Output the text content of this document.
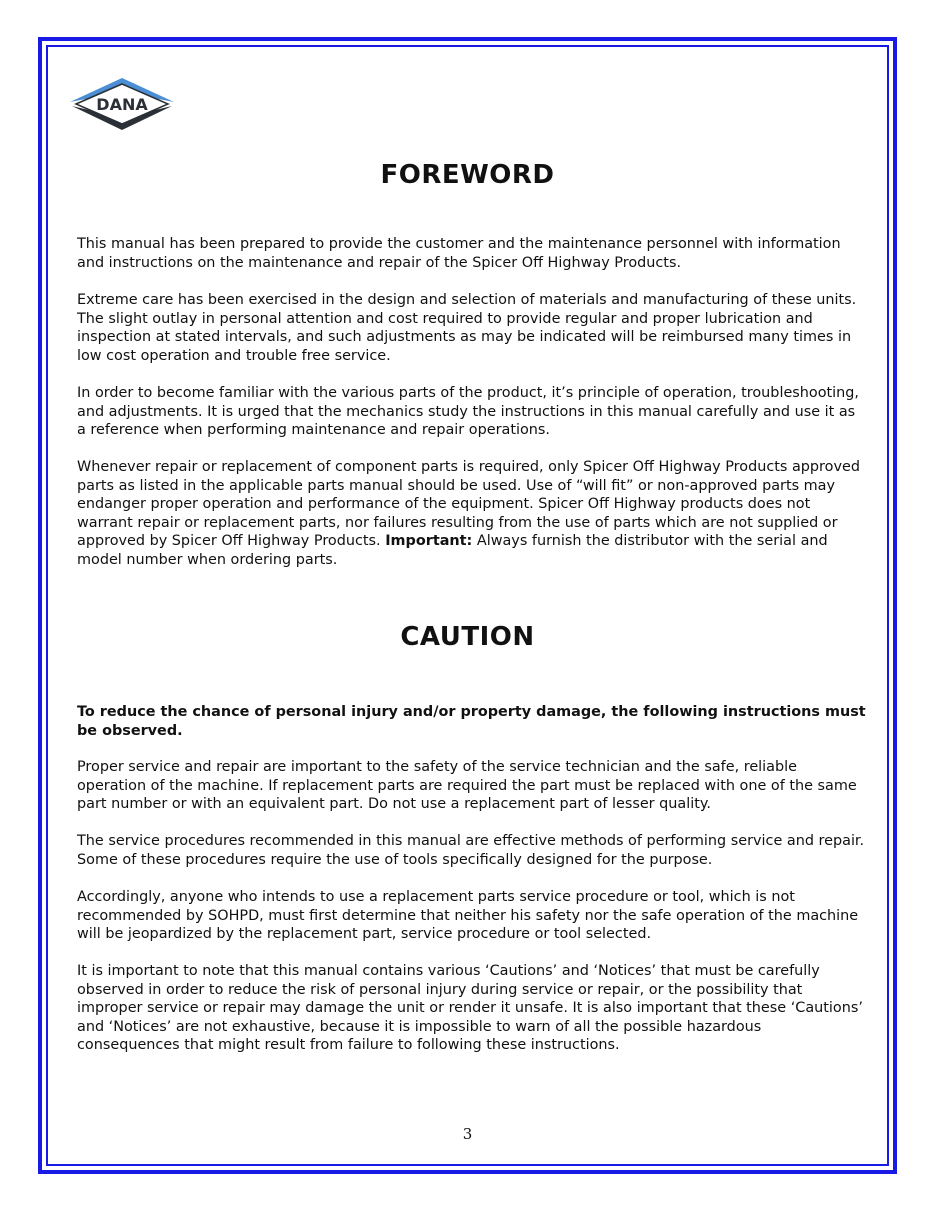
DANA
FOREWORD

This manual has been prepared to provide the customer and the maintenance personnel with information and instructions on the maintenance and repair of the Spicer Off Highway Products.

Extreme care has been exercised in the design and selection of materials and manufacturing of these units. The slight outlay in personal attention and cost required to provide regular and proper lubrication and inspection at stated intervals, and such adjustments as may be indicated will be reimbursed many times in low cost operation and trouble free service.

In order to become familiar with the various parts of the product, it’s principle of operation, troubleshooting, and adjustments. It is urged that the mechanics study the instructions in this manual carefully and use it as a reference when performing maintenance and repair operations.

Whenever repair or replacement of component parts is required, only Spicer Off Highway Products approved parts as listed in the applicable parts manual should be used. Use of “will fit” or non-approved parts may endanger proper operation and performance of the equipment. Spicer Off Highway products does not warrant repair or replacement parts, nor failures resulting from the use of parts which are not supplied or approved by Spicer Off Highway Products. Important: Always furnish the distributor with the serial and model number when ordering parts.

CAUTION

To reduce the chance of personal injury and/or property damage, the following instructions must be observed.

Proper service and repair are important to the safety of the service technician and the safe, reliable operation of the machine. If replacement parts are required the part must be replaced with one of the same part number or with an equivalent part. Do not use a replacement part of lesser quality.

The service procedures recommended in this manual are effective methods of performing service and repair. Some of these procedures require the use of tools specifically designed for the purpose.

Accordingly, anyone who intends to use a replacement parts service procedure or tool, which is not recommended by SOHPD, must first determine that neither his safety nor the safe operation of the machine will be jeopardized by the replacement part, service procedure or tool selected.

It is important to note that this manual contains various ‘Cautions’ and ‘Notices’ that must be carefully observed in order to reduce the risk of personal injury during service or repair, or the possibility that improper service or repair may damage the unit or render it unsafe. It is also important that these ‘Cautions’ and ‘Notices’ are not exhaustive, because it is impossible to warn of all the possible hazardous consequences that might result from failure to following these instructions.

3
